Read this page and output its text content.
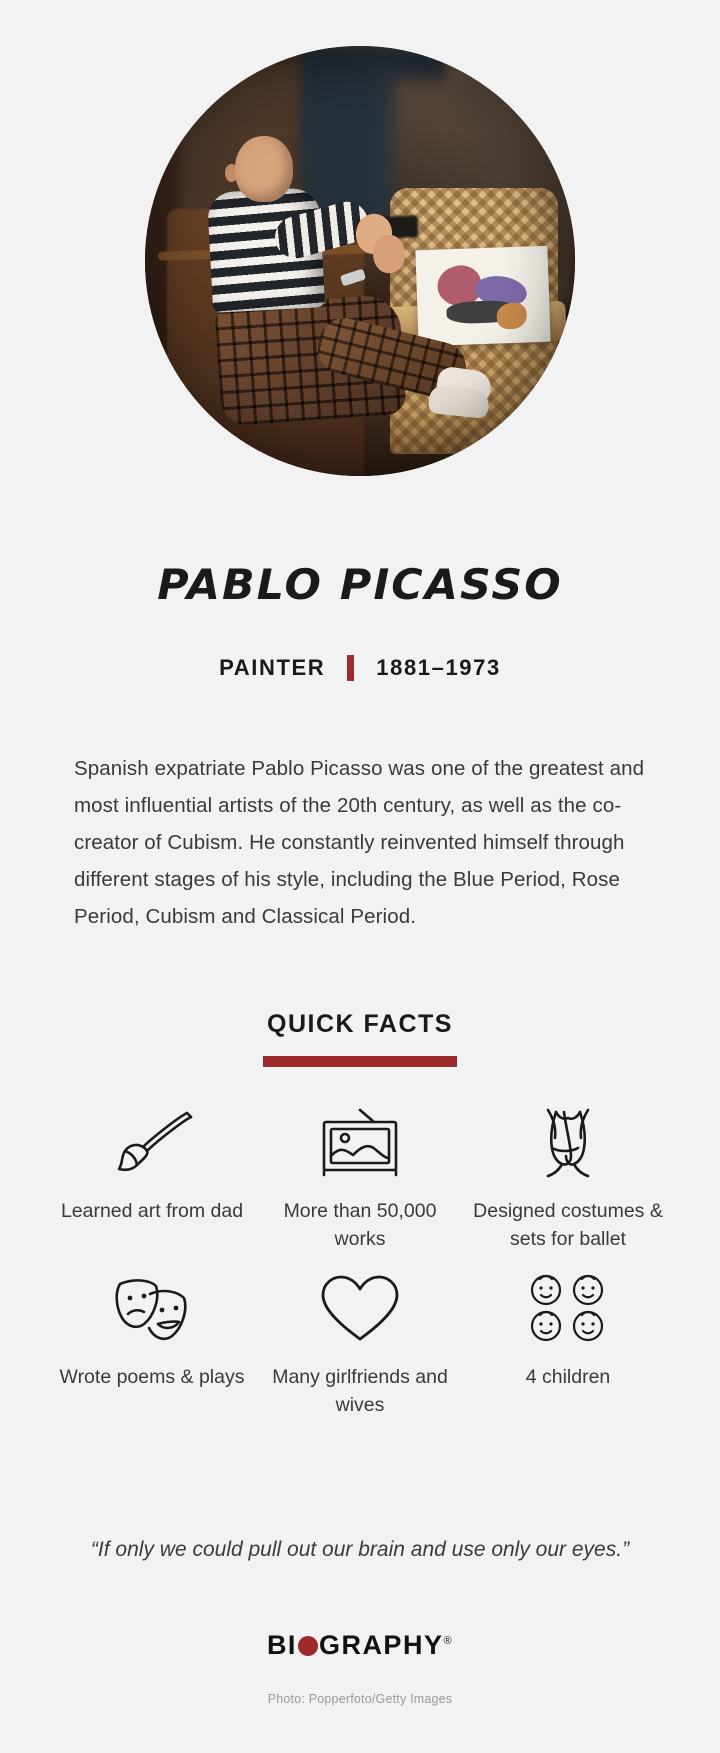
PABLO PICASSO
PAINTER 1881–1973
Spanish expatriate Pablo Picasso was one of the greatest and most influential artists of the 20th century, as well as the co-creator of Cubism. He constantly reinvented himself through different stages of his style, including the Blue Period, Rose Period, Cubism and Classical Period.
QUICK FACTS
Learned art from dad	More than 50,000 works
Designed costumes & sets for ballet
Wrote poems & plays	Many girlfriends and wives
4 children
“If only we could pull out our brain and use only our eyes.”
BI GRAPHY®
Photo: Popperfoto/Getty Images
